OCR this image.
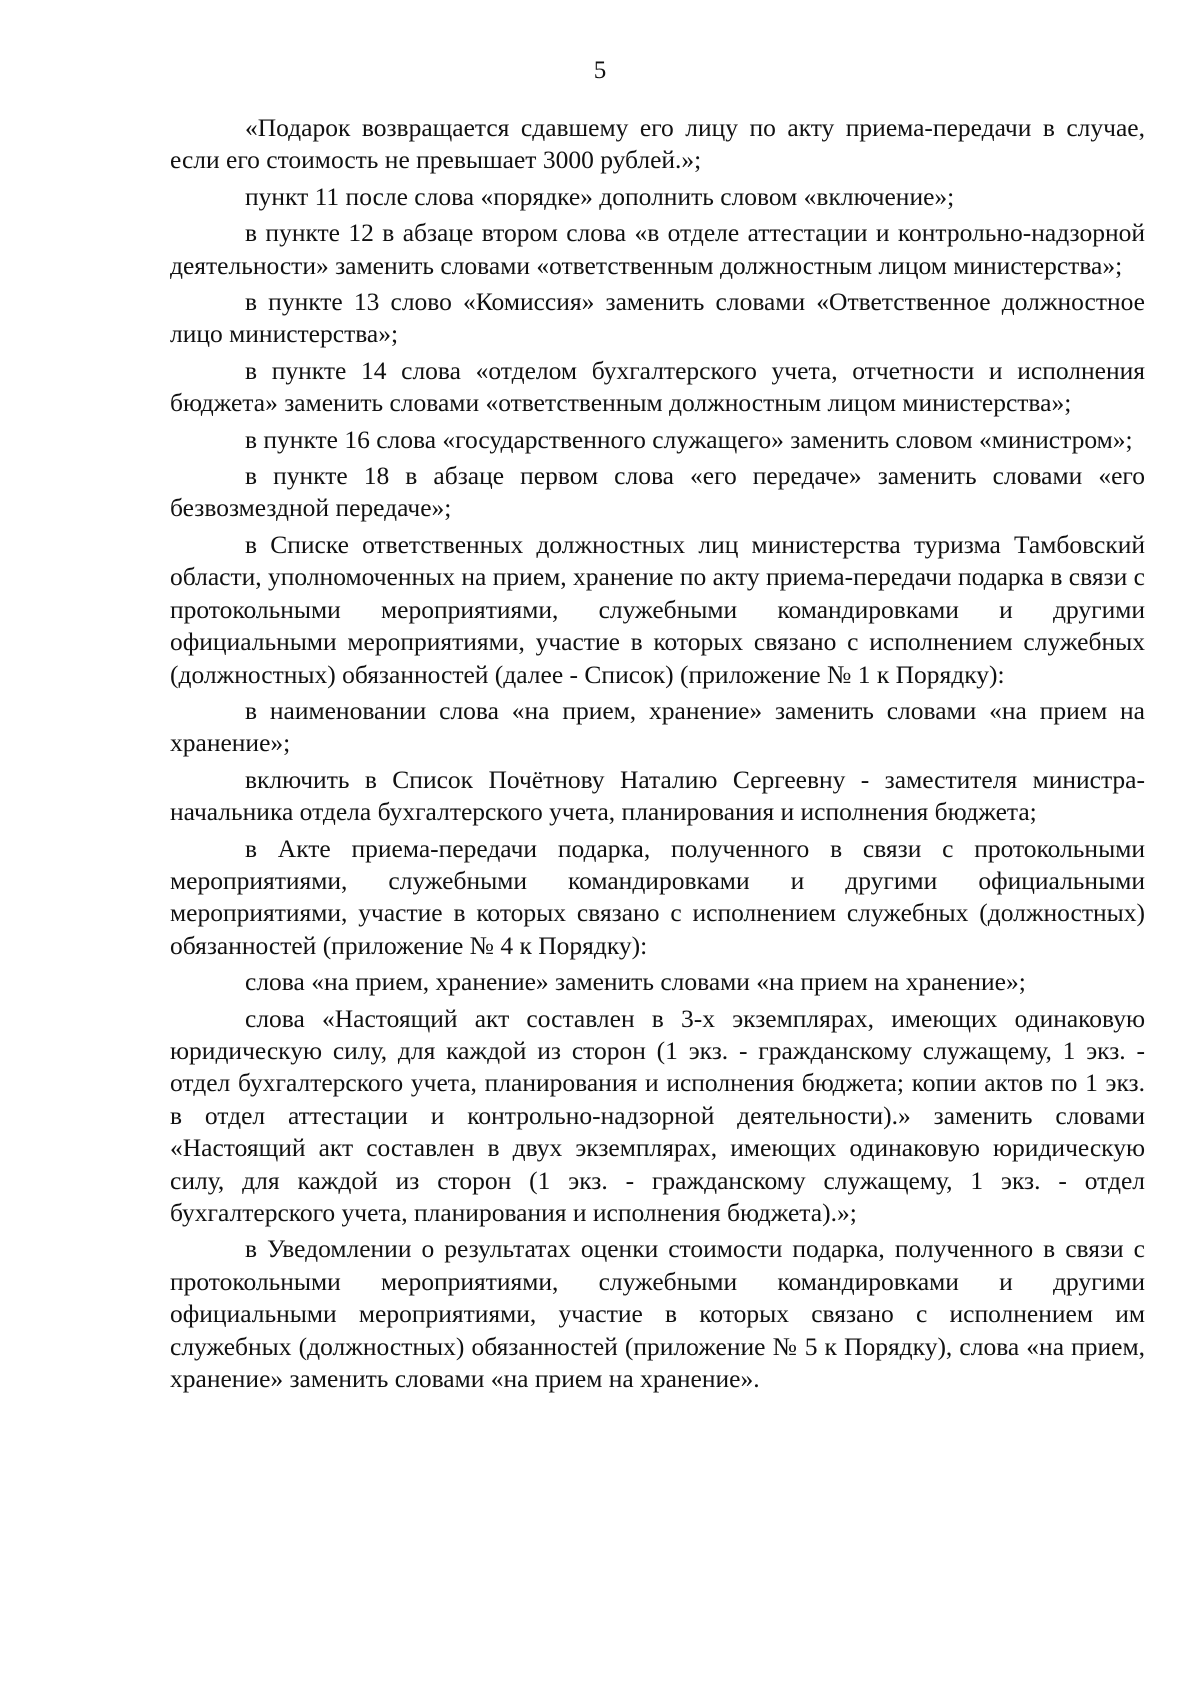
5

«Подарок возвращается сдавшему его лицу по акту приема-передачи в случае, если его стоимость не превышает 3000 рублей.»;

пункт 11 после слова «порядке» дополнить словом «включение»;

в пункте 12 в абзаце втором слова «в отделе аттестации и контрольно-надзорной деятельности» заменить словами «ответственным должностным лицом министерства»;

в пункте 13 слово «Комиссия» заменить словами «Ответственное должностное лицо министерства»;

в пункте 14 слова «отделом бухгалтерского учета, отчетности и исполнения бюджета» заменить словами «ответственным должностным лицом министерства»;

в пункте 16 слова «государственного служащего» заменить словом «министром»;

в пункте 18 в абзаце первом слова «его передаче» заменить словами «его безвозмездной передаче»;

в Списке ответственных должностных лиц министерства туризма Тамбовский области, уполномоченных на прием, хранение по акту приема-передачи подарка в связи с протокольными мероприятиями, служебными командировками и другими официальными мероприятиями, участие в которых связано с исполнением служебных (должностных) обязанностей (далее - Список) (приложение № 1 к Порядку):

в наименовании слова «на прием, хранение» заменить словами «на прием на хранение»;

включить в Список Почётнову Наталию Сергеевну - заместителя министра-начальника отдела бухгалтерского учета, планирования и исполнения бюджета;

в Акте приема-передачи подарка, полученного в связи с протокольными мероприятиями, служебными командировками и другими официальными мероприятиями, участие в которых связано с исполнением служебных (должностных) обязанностей (приложение № 4 к Порядку):

слова «на прием, хранение» заменить словами «на прием на хранение»;

слова «Настоящий акт составлен в 3-х экземплярах, имеющих одинаковую юридическую силу, для каждой из сторон (1 экз. - гражданскому служащему, 1 экз. - отдел бухгалтерского учета, планирования и исполнения бюджета; копии актов по 1 экз. в отдел аттестации и контрольно-надзорной деятельности).» заменить словами «Настоящий акт составлен в двух экземплярах, имеющих одинаковую юридическую силу, для каждой из сторон (1 экз. - гражданскому служащему, 1 экз. - отдел бухгалтерского учета, планирования и исполнения бюджета).»;

в Уведомлении о результатах оценки стоимости подарка, полученного в связи с протокольными мероприятиями, служебными командировками и другими официальными мероприятиями, участие в которых связано с исполнением им служебных (должностных) обязанностей (приложение № 5 к Порядку), слова «на прием, хранение» заменить словами «на прием на хранение».
